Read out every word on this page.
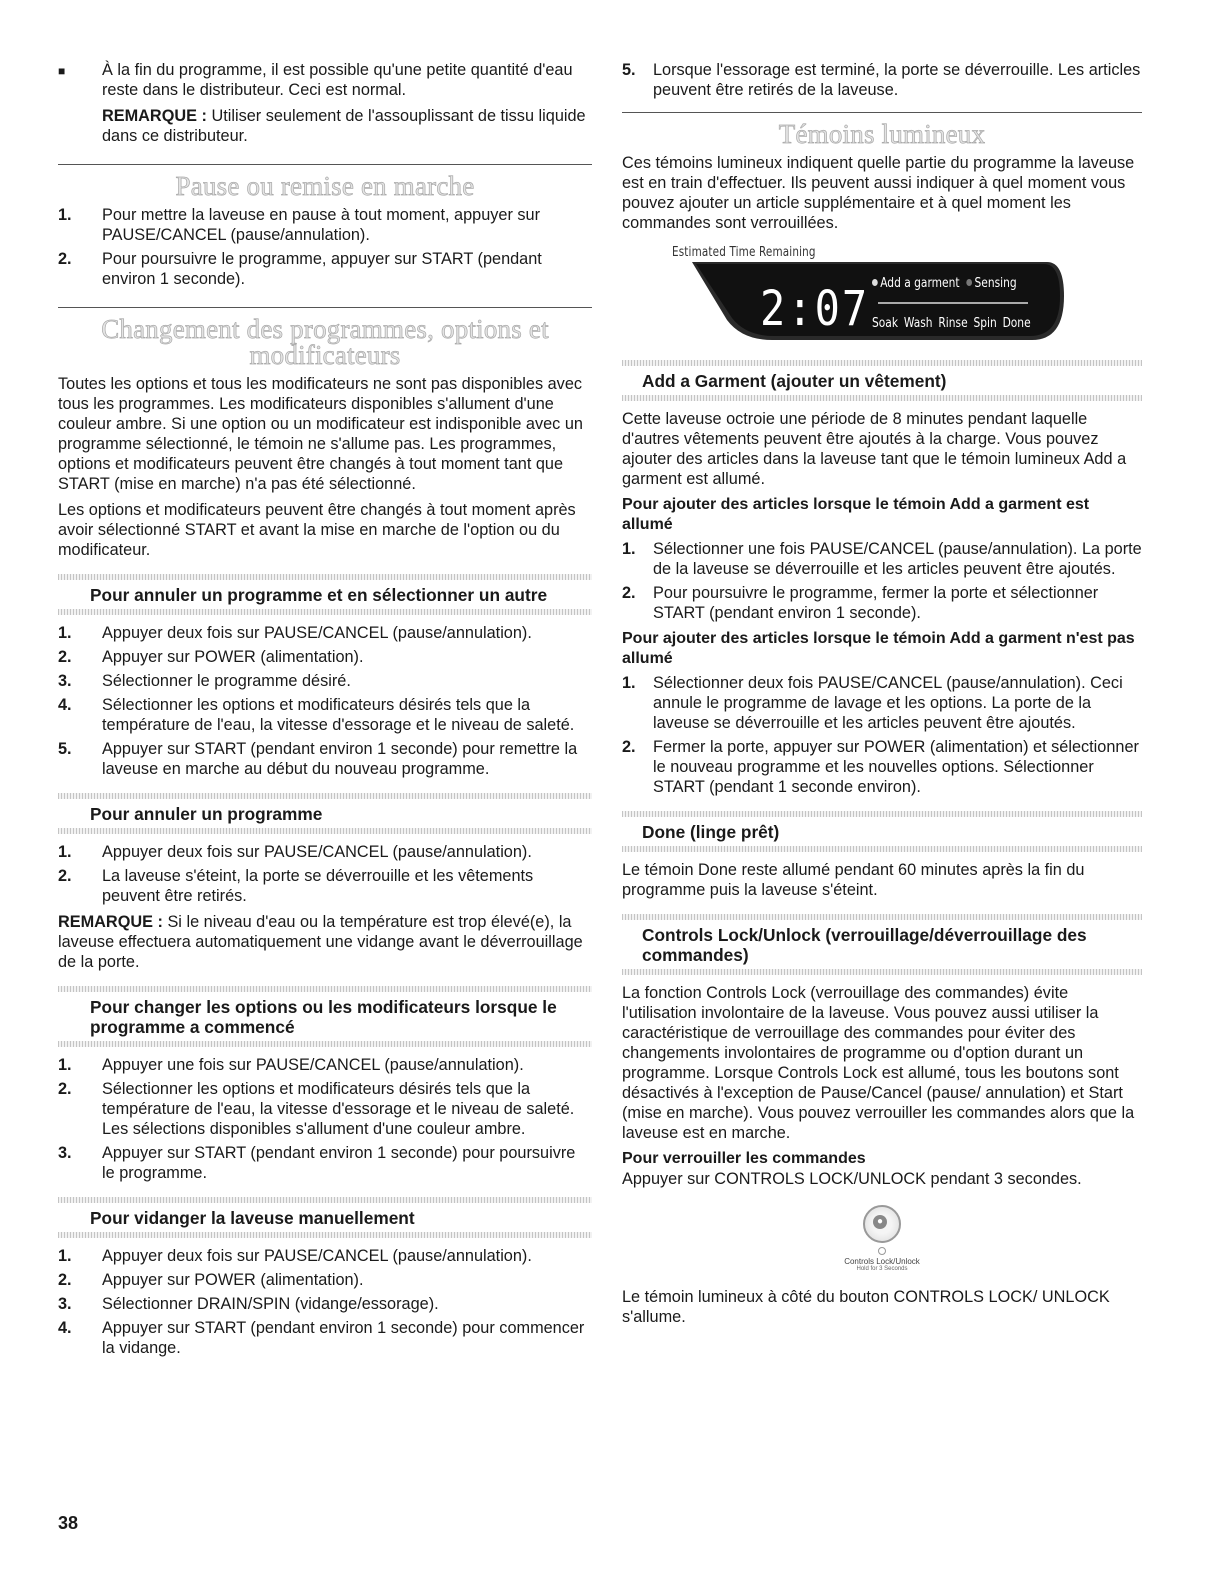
■	À la fin du programme, il est possible qu'une petite quantité d'eau reste dans le distributeur. Ceci est normal.

REMARQUE : Utiliser seulement de l'assouplissant de tissu liquide dans ce distributeur.

Pause ou remise en marche
1.	Pour mettre la laveuse en pause à tout moment, appuyer sur PAUSE/CANCEL (pause/annulation).
2.	Pour poursuivre le programme, appuyer sur START (pendant environ 1 seconde).
Changement des programmes, options et
modificateurs

Toutes les options et tous les modificateurs ne sont pas disponibles avec tous les programmes. Les modificateurs disponibles s'allument d'une couleur ambre. Si une option ou un modificateur est indisponible avec un programme sélectionné, le témoin ne s'allume pas. Les programmes, options et modificateurs peuvent être changés à tout moment tant que START (mise en marche) n'a pas été sélectionné.

Les options et modificateurs peuvent être changés à tout moment après avoir sélectionné START et avant la mise en marche de l'option ou du modificateur.

Pour annuler un programme et en sélectionner un autre
1.	Appuyer deux fois sur PAUSE/CANCEL (pause/annulation).
2.	Appuyer sur POWER (alimentation).
3.	Sélectionner le programme désiré.
4.	Sélectionner les options et modificateurs désirés tels que la température de l'eau, la vitesse d'essorage et le niveau de saleté.
5.	Appuyer sur START (pendant environ 1 seconde) pour remettre la laveuse en marche au début du nouveau programme.
Pour annuler un programme
1.	Appuyer deux fois sur PAUSE/CANCEL (pause/annulation).
2.	La laveuse s'éteint, la porte se déverrouille et les vêtements peuvent être retirés.

REMARQUE : Si le niveau d'eau ou la température est trop élevé(e), la laveuse effectuera automatiquement une vidange avant le déverrouillage de la porte.

Pour changer les options ou les modificateurs lorsque le programme a commencé
1.	Appuyer une fois sur PAUSE/CANCEL (pause/annulation).
2.	Sélectionner les options et modificateurs désirés tels que la température de l'eau, la vitesse d'essorage et le niveau de saleté. Les sélections disponibles s'allument d'une couleur ambre.
3.	Appuyer sur START (pendant environ 1 seconde) pour poursuivre le programme.
Pour vidanger la laveuse manuellement
1.	Appuyer deux fois sur PAUSE/CANCEL (pause/annulation).
2.	Appuyer sur POWER (alimentation).
3.	Sélectionner DRAIN/SPIN (vidange/essorage).
4.	Appuyer sur START (pendant environ 1 seconde) pour commencer la vidange.
5.	Lorsque l'essorage est terminé, la porte se déverrouille. Les articles peuvent être retirés de la laveuse.
Témoins lumineux

Ces témoins lumineux indiquent quelle partie du programme la laveuse est en train d'effectuer. Ils peuvent aussi indiquer à quel moment vous pouvez ajouter un article supplémentaire et à quel moment les commandes sont verrouillées.

Estimated Time Remaining
2:07 Add a garment Sensing
Soak Wash Rinse Spin Done
Add a Garment (ajouter un vêtement)

Cette laveuse octroie une période de 8 minutes pendant laquelle d'autres vêtements peuvent être ajoutés à la charge. Vous pouvez ajouter des articles dans la laveuse tant que le témoin lumineux Add a garment est allumé.

Pour ajouter des articles lorsque le témoin Add a garment est allumé
1.	Sélectionner une fois PAUSE/CANCEL (pause/annulation). La porte de la laveuse se déverrouille et les articles peuvent être ajoutés.
2.	Pour poursuivre le programme, fermer la porte et sélectionner START (pendant environ 1 seconde).
Pour ajouter des articles lorsque le témoin Add a garment n'est pas allumé
1.	Sélectionner deux fois PAUSE/CANCEL (pause/annulation). Ceci annule le programme de lavage et les options. La porte de la laveuse se déverrouille et les articles peuvent être ajoutés.
2.	Fermer la porte, appuyer sur POWER (alimentation) et sélectionner le nouveau programme et les nouvelles options. Sélectionner START (pendant 1 seconde environ).
Done (linge prêt)

Le témoin Done reste allumé pendant 60 minutes après la fin du programme puis la laveuse s'éteint.

Controls Lock/Unlock (verrouillage/déverrouillage des commandes)

La fonction Controls Lock (verrouillage des commandes) évite l'utilisation involontaire de la laveuse. Vous pouvez aussi utiliser la caractéristique de verrouillage des commandes pour éviter des changements involontaires de programme ou d'option durant un programme. Lorsque Controls Lock est allumé, tous les boutons sont désactivés à l'exception de Pause/Cancel (pause/ annulation) et Start (mise en marche). Vous pouvez verrouiller les commandes alors que la laveuse est en marche.

Pour verrouiller les commandes

Appuyer sur CONTROLS LOCK/UNLOCK pendant 3 secondes.

●
Controls Lock/Unlock
Hold for 3 Seconds

Le témoin lumineux à côté du bouton CONTROLS LOCK/ UNLOCK s'allume.

38
